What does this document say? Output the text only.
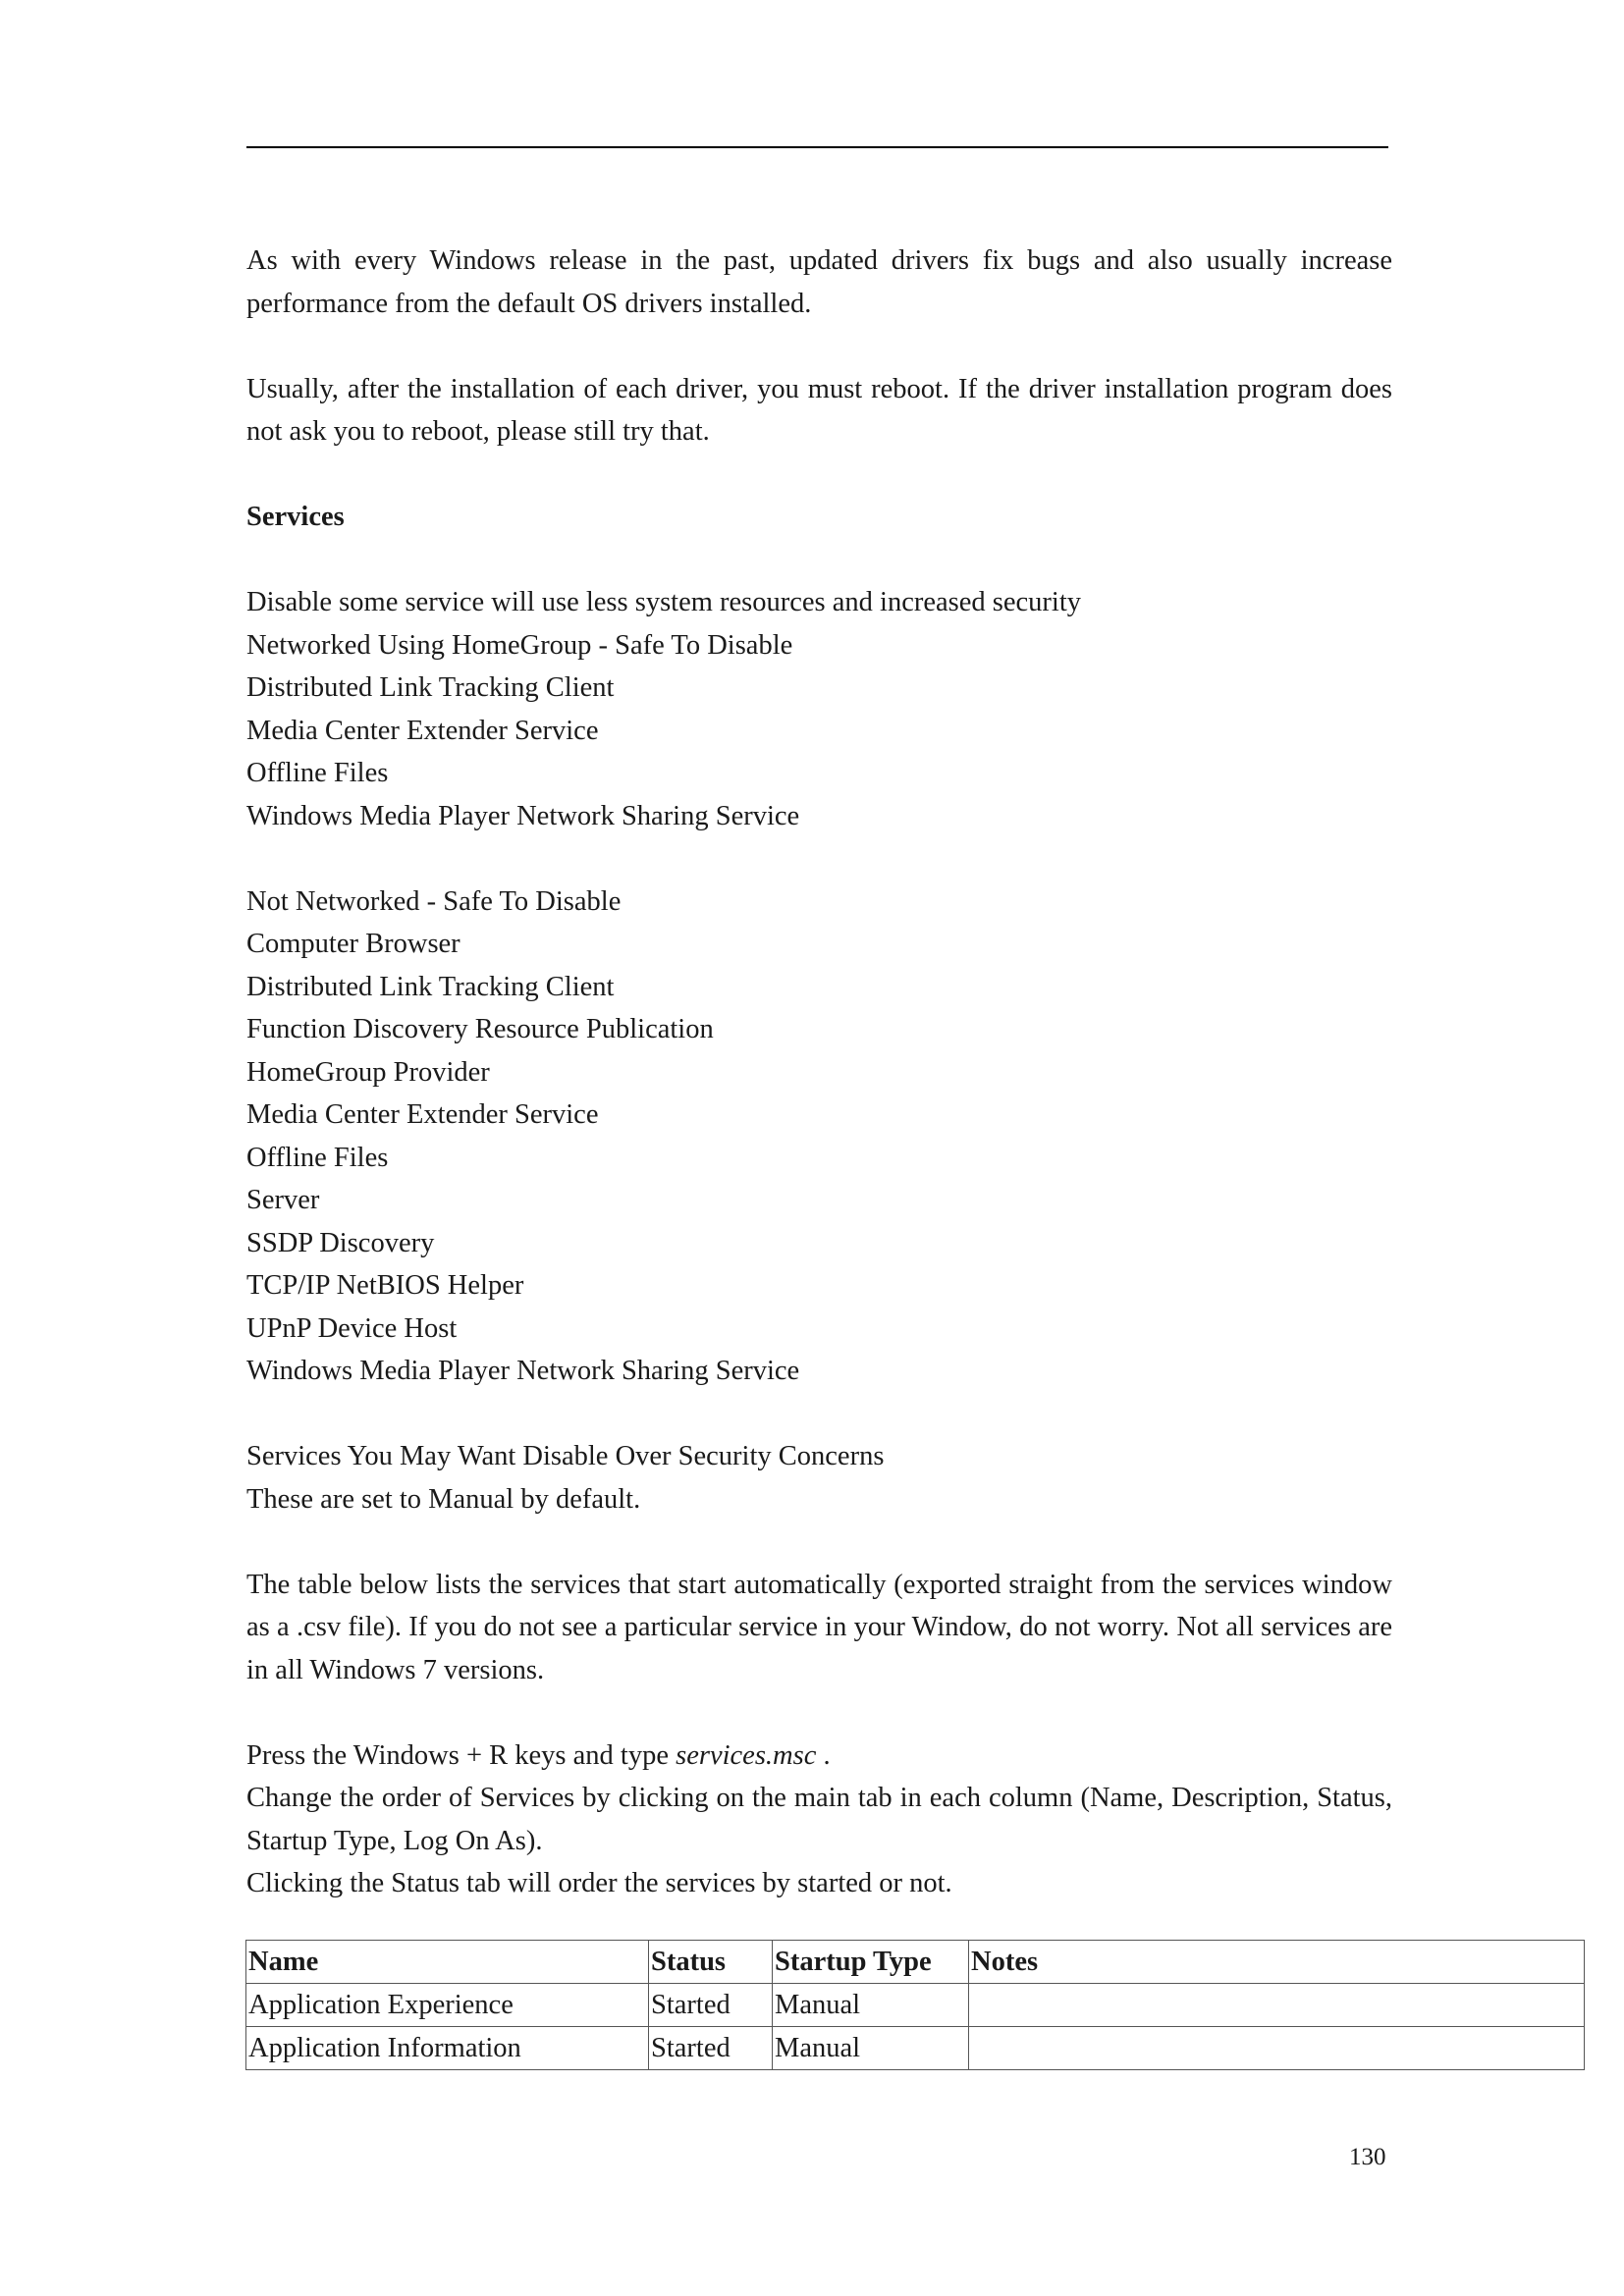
As with every Windows release in the past, updated drivers fix bugs and also usually increase performance from the default OS drivers installed.

Usually, after the installation of each driver, you must reboot. If the driver installation program does not ask you to reboot, please still try that.

Services

Disable some service will use less system resources and increased security

Networked Using HomeGroup - Safe To Disable

Distributed Link Tracking Client

Media Center Extender Service

Offline Files

Windows Media Player Network Sharing Service

Not Networked - Safe To Disable

Computer Browser

Distributed Link Tracking Client

Function Discovery Resource Publication

HomeGroup Provider

Media Center Extender Service

Offline Files

Server

SSDP Discovery

TCP/IP NetBIOS Helper

UPnP Device Host

Windows Media Player Network Sharing Service

Services You May Want Disable Over Security Concerns

These are set to Manual by default.

The table below lists the services that start automatically (exported straight from the services window as a .csv file). If you do not see a particular service in your Window, do not worry. Not all services are in all Windows 7 versions.

Press the Windows + R keys and type services.msc .

Change the order of Services by clicking on the main tab in each column (Name, Description, Status, Startup Type, Log On As).

Clicking the Status tab will order the services by started or not.

Name	Status	Startup Type	Notes
Application Experience	Started	Manual	
Application Information	Started	Manual	
130
